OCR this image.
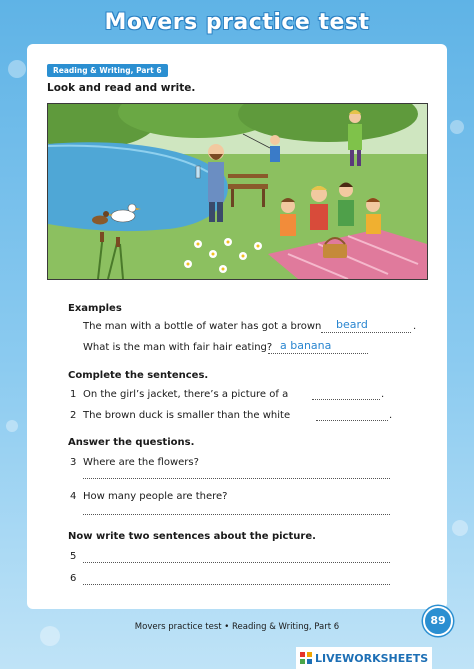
Movers practice test
Reading & Writing, Part 6
Look and read and write.
Examples
The man with a bottle of water has got a brown beard	.
What is the man with fair hair eating? a banana
Complete the sentences.
1 On the girl’s jacket, there’s a picture of a	.
2 The brown duck is smaller than the white	.
Answer the questions.
3 Where are the flowers?
4 How many people are there?
Now write two sentences about the picture.
5
6
Movers practice test • Reading & Writing, Part 6	89
LIVEWORKSHEETS
